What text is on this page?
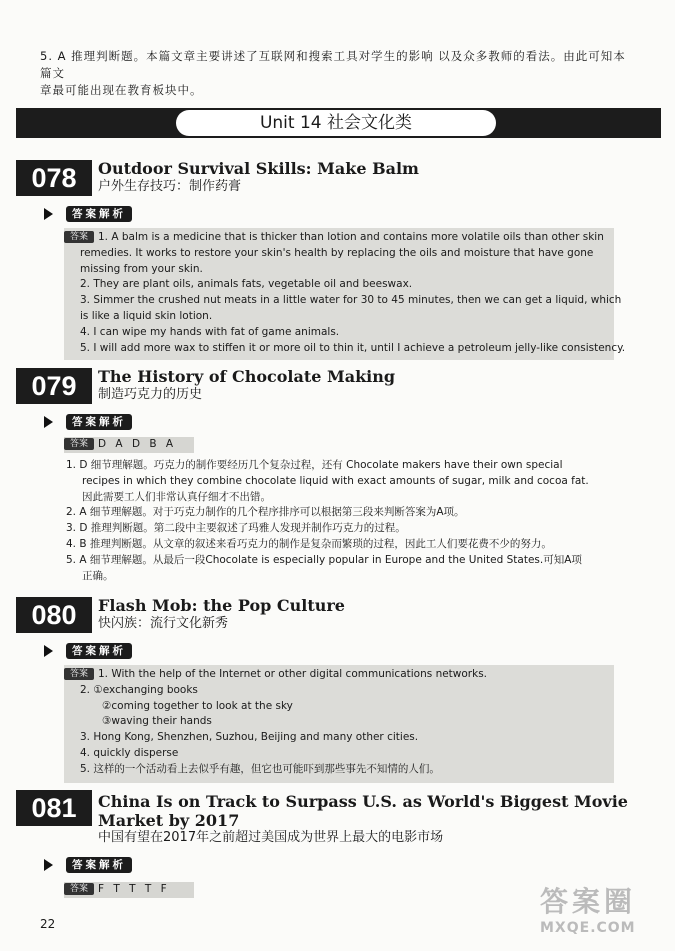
5. A 推理判断题。本篇文章主要讲述了互联网和搜索工具对学生的影响 以及众多教师的看法。由此可知本篇文
章最可能出现在教育板块中。
Unit 14 社会文化类
078	Outdoor Survival Skills: Make Balm
户外生存技巧：制作药膏
答案解析
答案 1. A balm is a medicine that is thicker than lotion and contains more volatile oils than other skin
remedies. It works to restore your skin's health by replacing the oils and moisture that have gone
missing from your skin.
2. They are plant oils, animals fats, vegetable oil and beeswax.
3. Simmer the crushed nut meats in a little water for 30 to 45 minutes, then we can get a liquid, which
is like a liquid skin lotion.
4. I can wipe my hands with fat of game animals.
5. I will add more wax to stiffen it or more oil to thin it, until I achieve a petroleum jelly-like consistency.
079	The History of Chocolate Making
制造巧克力的历史
答案解析
答案 D A D B A
1. D 细节理解题。巧克力的制作要经历几个复杂过程，还有 Chocolate makers have their own special
recipes in which they combine chocolate liquid with exact amounts of sugar, milk and cocoa fat.
因此需要工人们非常认真仔细才不出错。
2. A 细节理解题。对于巧克力制作的几个程序排序可以根据第三段来判断答案为A项。
3. D 推理判断题。第二段中主要叙述了玛雅人发现并制作巧克力的过程。
4. B 推理判断题。从文章的叙述来看巧克力的制作是复杂而繁琐的过程，因此工人们要花费不少的努力。
5. A 细节理解题。从最后一段Chocolate is especially popular in Europe and the United States.可知A项
正确。
080	Flash Mob: the Pop Culture
快闪族：流行文化新秀
答案解析
答案 1. With the help of the Internet or other digital communications networks.
2. ①exchanging books
②coming together to look at the sky
③waving their hands
3. Hong Kong, Shenzhen, Suzhou, Beijing and many other cities.
4. quickly disperse
5. 这样的一个活动看上去似乎有趣，但它也可能吓到那些事先不知情的人们。
081	China Is on Track to Surpass U.S. as World's Biggest Movie
Market by 2017
中国有望在2017年之前超过美国成为世界上最大的电影市场
答案解析
答案 F T T T F
22
答案圈
MXQE.COM
